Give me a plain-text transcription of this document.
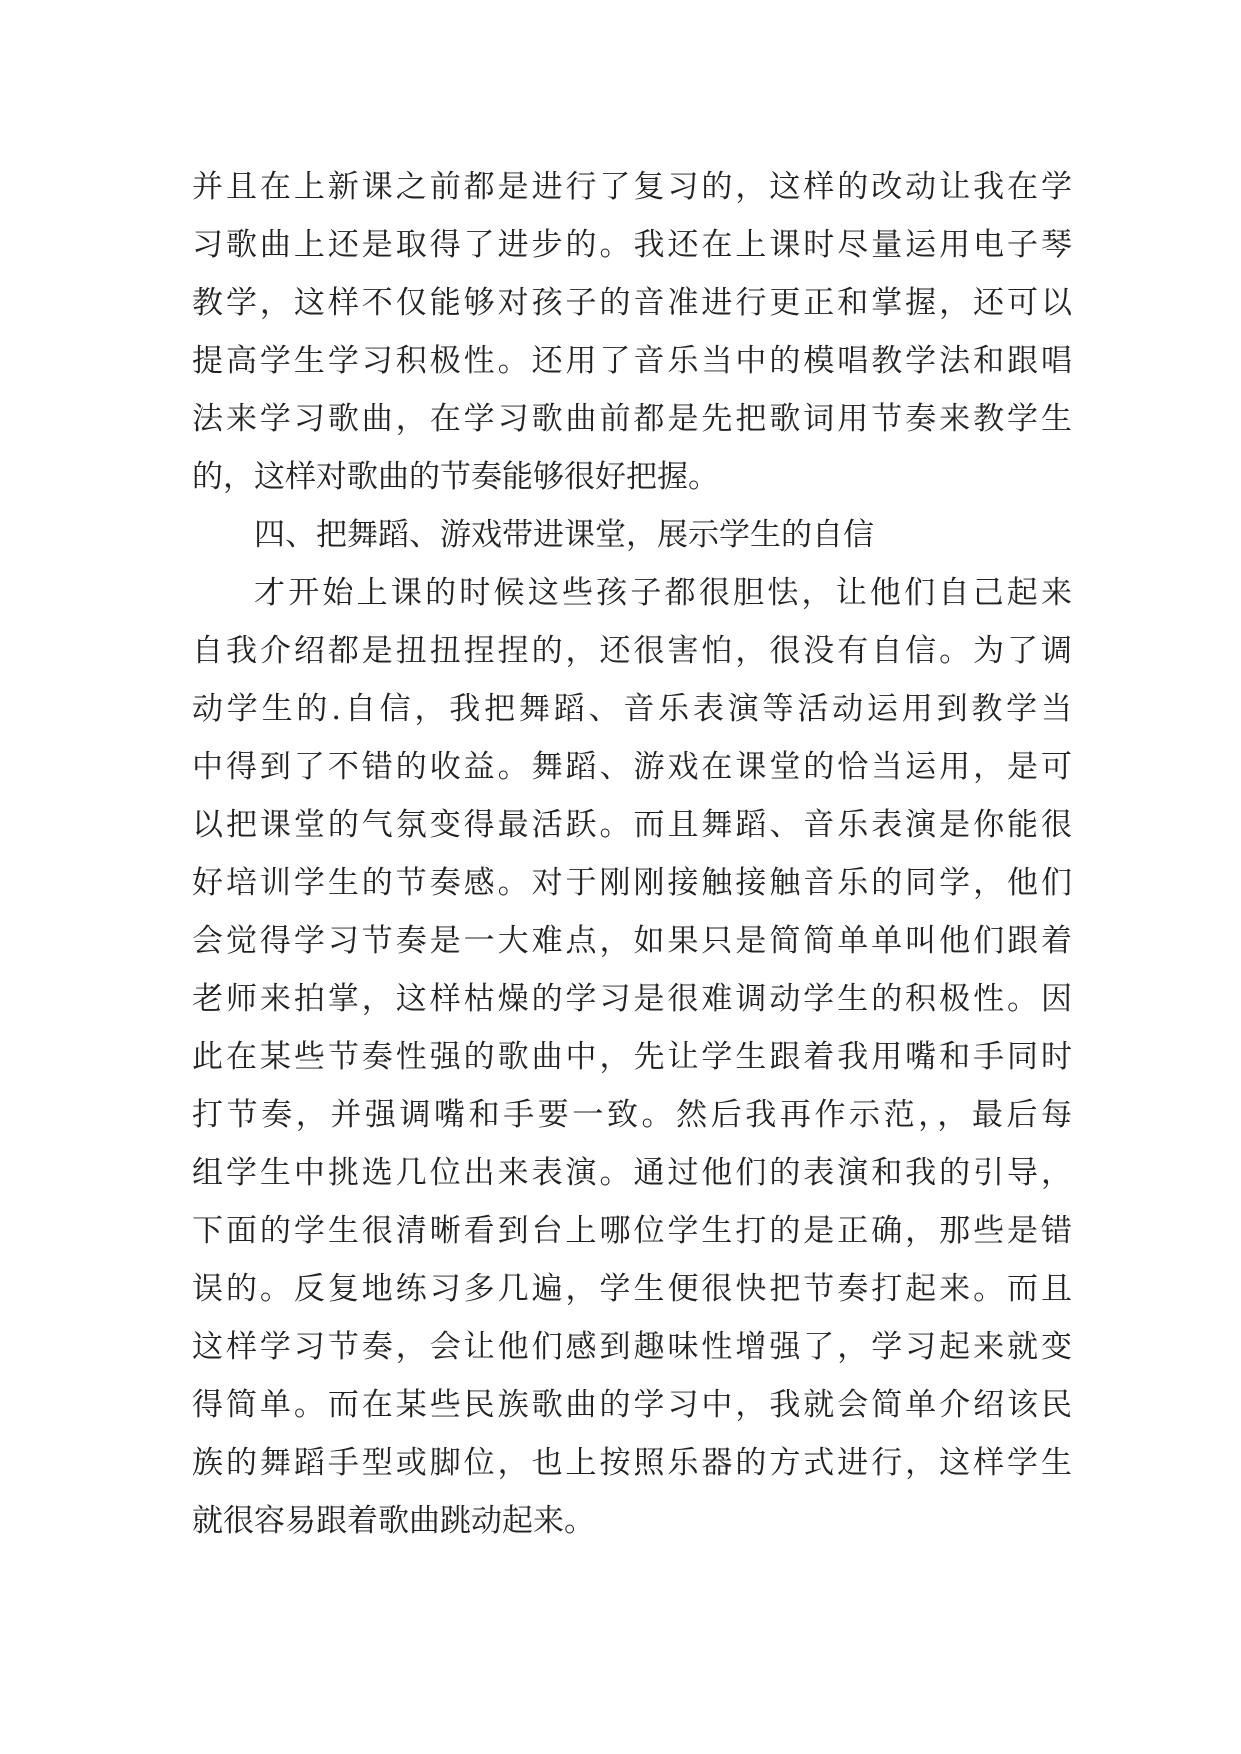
并且在上新课之前都是进行了复习的，这样的改动让我在学
习歌曲上还是取得了进步的。我还在上课时尽量运用电子琴
教学，这样不仅能够对孩子的音准进行更正和掌握，还可以
提高学生学习积极性。还用了音乐当中的模唱教学法和跟唱
法来学习歌曲，在学习歌曲前都是先把歌词用节奏来教学生
的，这样对歌曲的节奏能够很好把握。
四、把舞蹈、游戏带进课堂，展示学生的自信
才开始上课的时候这些孩子都很胆怯，让他们自己起来
自我介绍都是扭扭捏捏的，还很害怕，很没有自信。为了调
动学生的.自信，我把舞蹈、音乐表演等活动运用到教学当
中得到了不错的收益。舞蹈、游戏在课堂的恰当运用，是可
以把课堂的气氛变得最活跃。而且舞蹈、音乐表演是你能很
好培训学生的节奏感。对于刚刚接触接触音乐的同学，他们
会觉得学习节奏是一大难点，如果只是简简单单叫他们跟着
老师来拍掌，这样枯燥的学习是很难调动学生的积极性。因
此在某些节奏性强的歌曲中，先让学生跟着我用嘴和手同时
打节奏，并强调嘴和手要一致。然后我再作示范，，最后每
组学生中挑选几位出来表演。通过他们的表演和我的引导，
下面的学生很清晰看到台上哪位学生打的是正确，那些是错
误的。反复地练习多几遍，学生便很快把节奏打起来。而且
这样学习节奏，会让他们感到趣味性增强了，学习起来就变
得简单。而在某些民族歌曲的学习中，我就会简单介绍该民
族的舞蹈手型或脚位，也上按照乐器的方式进行，这样学生
就很容易跟着歌曲跳动起来。
